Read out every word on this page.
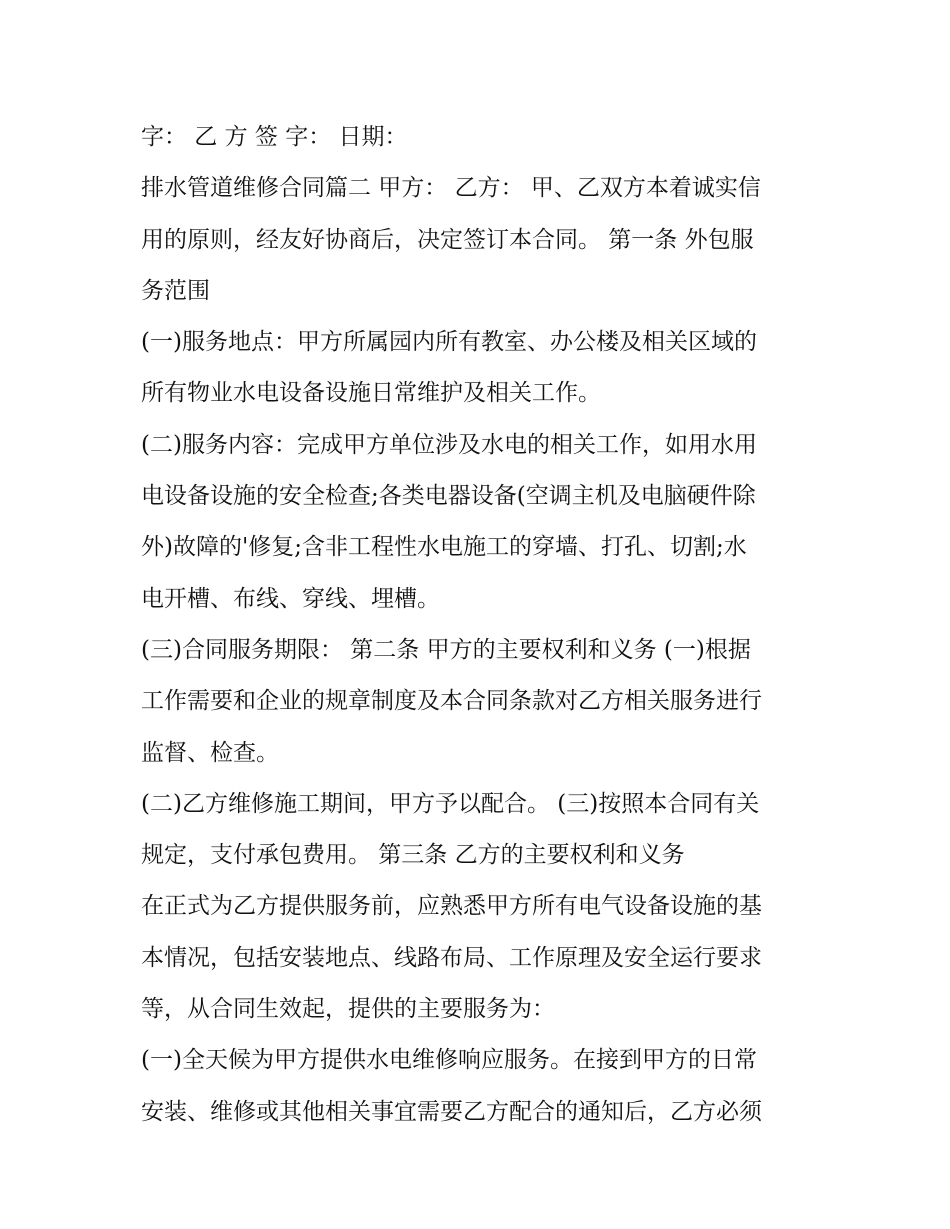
字： 乙 方 签 字： 日期：
排水管道维修合同篇二 甲方： 乙方： 甲、乙双方本着诚实信
用的原则，经友好协商后，决定签订本合同。 第一条 外包服
务范围
(一)服务地点：甲方所属园内所有教室、办公楼及相关区域的
所有物业水电设备设施日常维护及相关工作。
(二)服务内容：完成甲方单位涉及水电的相关工作，如用水用
电设备设施的安全检查;各类电器设备(空调主机及电脑硬件除
外)故障的'修复;含非工程性水电施工的穿墙、打孔、切割;水
电开槽、布线、穿线、埋槽。
(三)合同服务期限： 第二条 甲方的主要权利和义务 (一)根据
工作需要和企业的规章制度及本合同条款对乙方相关服务进行
监督、检查。
(二)乙方维修施工期间，甲方予以配合。 (三)按照本合同有关
规定，支付承包费用。 第三条 乙方的主要权利和义务
在正式为乙方提供服务前，应熟悉甲方所有电气设备设施的基
本情况，包括安装地点、线路布局、工作原理及安全运行要求
等，从合同生效起，提供的主要服务为：
(一)全天候为甲方提供水电维修响应服务。在接到甲方的日常
安装、维修或其他相关事宜需要乙方配合的通知后，乙方必须
